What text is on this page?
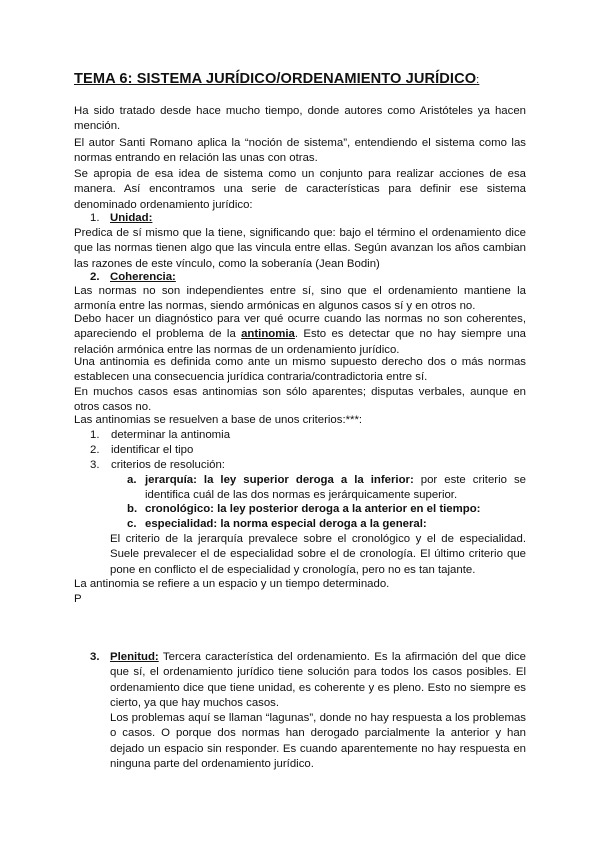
TEMA 6: SISTEMA JURÍDICO/ORDENAMIENTO JURÍDICO:
Ha sido tratado desde hace mucho tiempo, donde autores como Aristóteles ya hacen mención.
El autor Santi Romano aplica la “noción de sistema”, entendiendo el sistema como las normas entrando en relación las unas con otras.
Se apropia de esa idea de sistema como un conjunto para realizar acciones de esa manera. Así encontramos una serie de características para definir ese sistema denominado ordenamiento jurídico:
1. Unidad:
Predica de sí mismo que la tiene, significando que: bajo el término el ordenamiento dice que las normas tienen algo que las vincula entre ellas. Según avanzan los años cambian las razones de este vínculo, como la soberanía (Jean Bodin)
2. Coherencia:
Las normas no son independientes entre sí, sino que el ordenamiento mantiene la armonía entre las normas, siendo armónicas en algunos casos sí y en otros no.
Debo hacer un diagnóstico para ver qué ocurre cuando las normas no son coherentes, apareciendo el problema de la antinomia. Esto es detectar que no hay siempre una relación armónica entre las normas de un ordenamiento jurídico.
Una antinomia es definida como ante un mismo supuesto derecho dos o más normas establecen una consecuencia jurídica contraria/contradictoria entre sí.
En muchos casos esas antinomias son sólo aparentes; disputas verbales, aunque en otros casos no.
Las antinomias se resuelven a base de unos criterios:***:
1. determinar la antinomia
2. identificar el tipo
3. criterios de resolución:
a. jerarquía: la ley superior deroga a la inferior: por este criterio se identifica cuál de las dos normas es jerárquicamente superior.
b. cronológico: la ley posterior deroga a la anterior en el tiempo:
c. especialidad: la norma especial deroga a la general:
El criterio de la jerarquía prevalece sobre el cronológico y el de especialidad. Suele prevalecer el de especialidad sobre el de cronología. El último criterio que pone en conflicto el de especialidad y cronología, pero no es tan tajante.
La antinomia se refiere a un espacio y un tiempo determinado.
P
3. Plenitud: Tercera característica del ordenamiento. Es la afirmación del que dice que sí, el ordenamiento jurídico tiene solución para todos los casos posibles. El ordenamiento dice que tiene unidad, es coherente y es pleno. Esto no siempre es cierto, ya que hay muchos casos.
Los problemas aquí se llaman “lagunas”, donde no hay respuesta a los problemas o casos. O porque dos normas han derogado parcialmente la anterior y han dejado un espacio sin responder. Es cuando aparentemente no hay respuesta en ninguna parte del ordenamiento jurídico.
